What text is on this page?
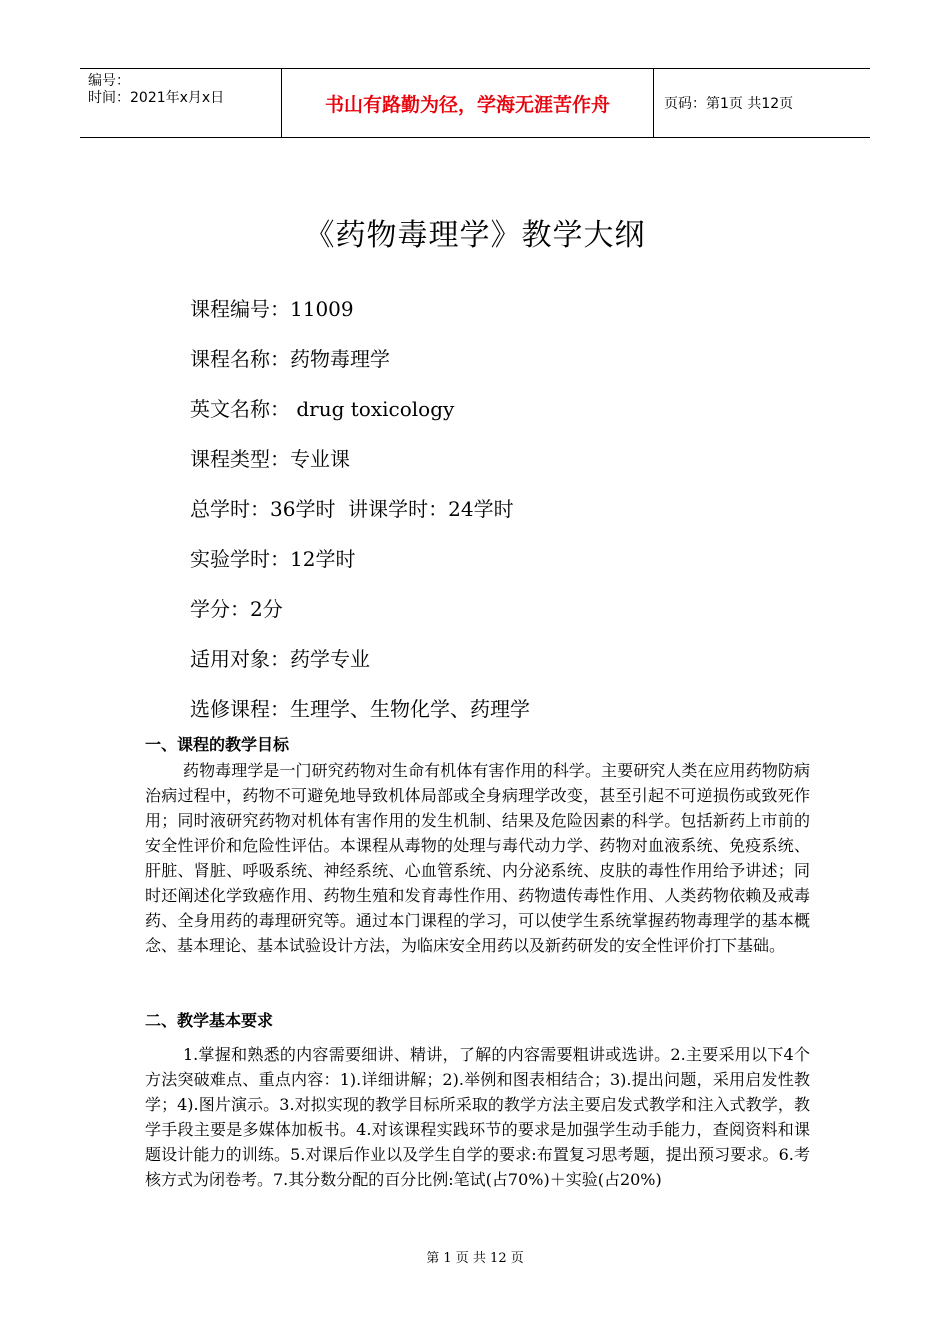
编号：
时间：2021年x月x日	书山有路勤为径，学海无涯苦作舟	页码：第1页 共12页
《药物毒理学》教学大纲
课程编号：11009
课程名称：药物毒理学
英文名称： drug toxicology
课程类型：专业课
总学时：36学时  讲课学时：24学时
实验学时：12学时
学分：2分
适用对象：药学专业
选修课程：生理学、生物化学、药理学
一、课程的教学目标
药物毒理学是一门研究药物对生命有机体有害作用的科学。主要研究人类在应用药物防病治病过程中，药物不可避免地导致机体局部或全身病理学改变，甚至引起不可逆损伤或致死作用；同时液研究药物对机体有害作用的发生机制、结果及危险因素的科学。包括新药上市前的安全性评价和危险性评估。本课程从毒物的处理与毒代动力学、药物对血液系统、免疫系统、肝脏、肾脏、呼吸系统、神经系统、心血管系统、内分泌系统、皮肤的毒性作用给予讲述；同时还阐述化学致癌作用、药物生殖和发育毒性作用、药物遗传毒性作用、人类药物依赖及戒毒药、全身用药的毒理研究等。通过本门课程的学习，可以使学生系统掌握药物毒理学的基本概念、基本理论、基本试验设计方法，为临床安全用药以及新药研发的安全性评价打下基础。
二、教学基本要求
1.掌握和熟悉的内容需要细讲、精讲，了解的内容需要粗讲或选讲。2.主要采用以下4个方法突破难点、重点内容：1).详细讲解；2).举例和图表相结合；3).提出问题，采用启发性教学；4).图片演示。3.对拟实现的教学目标所采取的教学方法主要启发式教学和注入式教学，教学手段主要是多媒体加板书。4.对该课程实践环节的要求是加强学生动手能力，查阅资料和课题设计能力的训练。5.对课后作业以及学生自学的要求:布置复习思考题，提出预习要求。6.考核方式为闭卷考。7.其分数分配的百分比例:笔试(占70%)＋实验(占20%)
第 1 页 共 12 页
